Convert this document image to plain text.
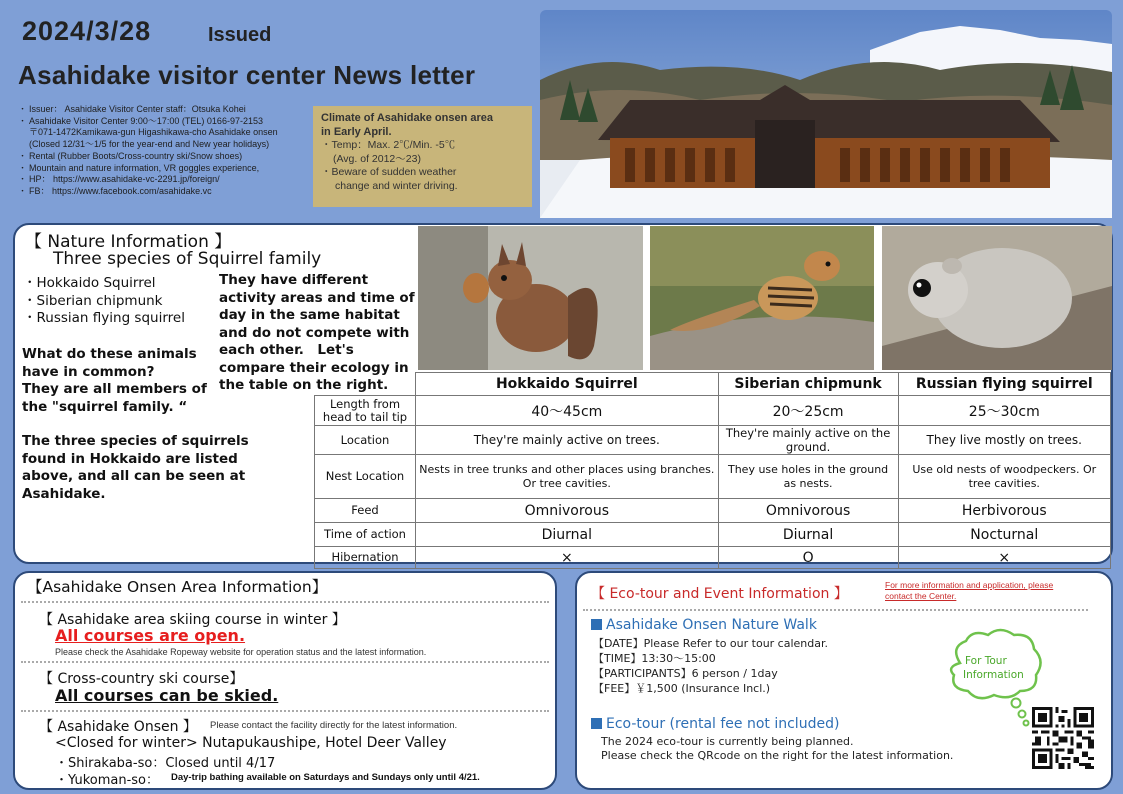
2024/3/28	Issued
Asahidake visitor center News letter
・ Issuer： Asahidake Visitor Center staff：Otsuka Kohei
・ Asahidake Visitor Center 9:00～17:00 (TEL) 0166-97-2153
〒071-1472Kamikawa-gun Higashikawa-cho Asahidake onsen
(Closed 12/31～1/5 for the year-end and New year holidays)
・ Rental (Rubber Boots/Cross-country ski/Snow shoes)
・ Mountain and nature information, VR goggles experience,
・ HP： https://www.asahidake-vc-2291.jp/foreign/
・ FB： https://www.facebook.com/asahidake.vc
Climate of Asahidake onsen area
in Early April.
・Temp：Max. 2℃/Min. -5℃
(Avg. of 2012～23)
・Beware of sudden weather
change and winter driving.
【 Nature Information 】
Three species of Squirrel family
・Hokkaido Squirrel
・Siberian chipmunk
・Russian flying squirrel
They have different activity areas and time of day in the same habitat and do not compete with each other.　Let's compare their ecology in the table on the right.
What do these animals have in common?
They are all members of the "squirrel family. “
The three species of squirrels found in Hokkaido are listed above, and all can be seen at Asahidake.
	Hokkaido Squirrel	Siberian chipmunk	Russian flying squirrel
Length from head to tail tip	40～45cm	20～25cm	25～30cm
Location	They're mainly active on trees.	They're mainly active on the ground.	They live mostly on trees.
Nest Location	Nests in tree trunks and other places using branches. Or tree cavities.	They use holes in the ground as nests.	Use old nests of woodpeckers. Or tree cavities.
Feed	Omnivorous	Omnivorous	Herbivorous
Time of action	Diurnal	Diurnal	Nocturnal
Hibernation	×	O	×
【Asahidake Onsen Area Information】
【 Asahidake area skiing course in winter 】
All courses are open.
Please check the Asahidake Ropeway website for operation status and the latest information.
【 Cross-country ski course】
All courses can be skied.
【 Asahidake Onsen 】 Please contact the facility directly for the latest information.
<Closed for winter> Nutapukaushipe, Hotel Deer Valley
・Shirakaba-so：Closed until 4/17
・Yukoman-so： Day-trip bathing available on Saturdays and Sundays only until 4/21.
【 Eco-tour and Event Information 】
For more information and application, please
contact the Center.
Asahidake Onsen Nature Walk
【DATE】Please Refer to our tour calendar.
【TIME】13:30～15:00
【PARTICIPANTS】6 person / 1day
【FEE】￥1,500 (Insurance Incl.)
Eco-tour (rental fee not included)
The 2024 eco-tour is currently being planned.
Please check the QRcode on the right for the latest information.
For Tour
Information
